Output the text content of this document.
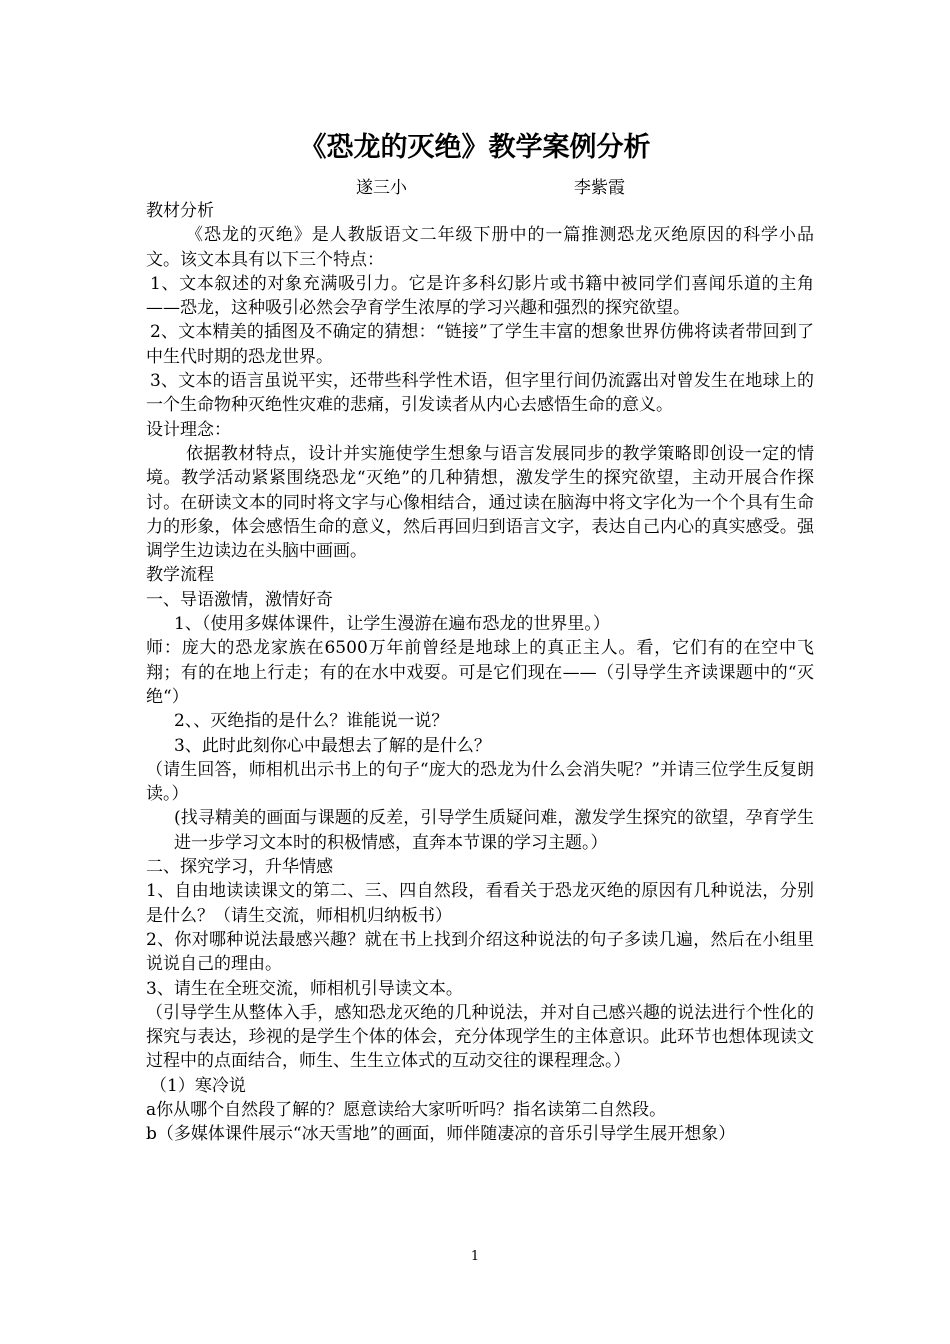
《恐龙的灭绝》教学案例分析
遂三小	李紫霞

教材分析

《恐龙的灭绝》是人教版语文二年级下册中的一篇推测恐龙灭绝原因的科学小品文。该文本具有以下三个特点：

1、文本叙述的对象充满吸引力。它是许多科幻影片或书籍中被同学们喜闻乐道的主角——恐龙，这种吸引必然会孕育学生浓厚的学习兴趣和强烈的探究欲望。

2、文本精美的插图及不确定的猜想：“链接”了学生丰富的想象世界仿佛将读者带回到了中生代时期的恐龙世界。

3、文本的语言虽说平实，还带些科学性术语，但字里行间仍流露出对曾发生在地球上的一个生命物种灭绝性灾难的悲痛，引发读者从内心去感悟生命的意义。

设计理念：

依据教材特点，设计并实施使学生想象与语言发展同步的教学策略即创设一定的情境。教学活动紧紧围绕恐龙“灭绝”的几种猜想，激发学生的探究欲望，主动开展合作探讨。在研读文本的同时将文字与心像相结合，通过读在脑海中将文字化为一个个具有生命力的形象，体会感悟生命的意义，然后再回归到语言文字，表达自己内心的真实感受。强调学生边读边在头脑中画画。

教学流程

一、导语激情，激情好奇

1、（使用多媒体课件，让学生漫游在遍布恐龙的世界里。）

师：庞大的恐龙家族在6500万年前曾经是地球上的真正主人。看，它们有的在空中飞翔；有的在地上行走；有的在水中戏耍。可是它们现在——（引导学生齐读课题中的“灭绝“）

2、、灭绝指的是什么？谁能说一说？

3、此时此刻你心中最想去了解的是什么？

（请生回答，师相机出示书上的句子“庞大的恐龙为什么会消失呢？”并请三位学生反复朗读。）

(找寻精美的画面与课题的反差，引导学生质疑问难，激发学生探究的欲望，孕育学生进一步学习文本时的积极情感，直奔本节课的学习主题。）

二、探究学习，升华情感

1、自由地读读课文的第二、三、四自然段，看看关于恐龙灭绝的原因有几种说法，分别是什么？（请生交流，师相机归纳板书）

2、你对哪种说法最感兴趣？就在书上找到介绍这种说法的句子多读几遍，然后在小组里说说自己的理由。

3、请生在全班交流，师相机引导读文本。

（引导学生从整体入手，感知恐龙灭绝的几种说法，并对自己感兴趣的说法进行个性化的探究与表达，珍视的是学生个体的体会，充分体现学生的主体意识。此环节也想体现读文过程中的点面结合，师生、生生立体式的互动交往的课程理念。）

（1）寒冷说

a你从哪个自然段了解的？愿意读给大家听听吗？指名读第二自然段。

b（多媒体课件展示“冰天雪地”的画面，师伴随凄凉的音乐引导学生展开想象）

1
